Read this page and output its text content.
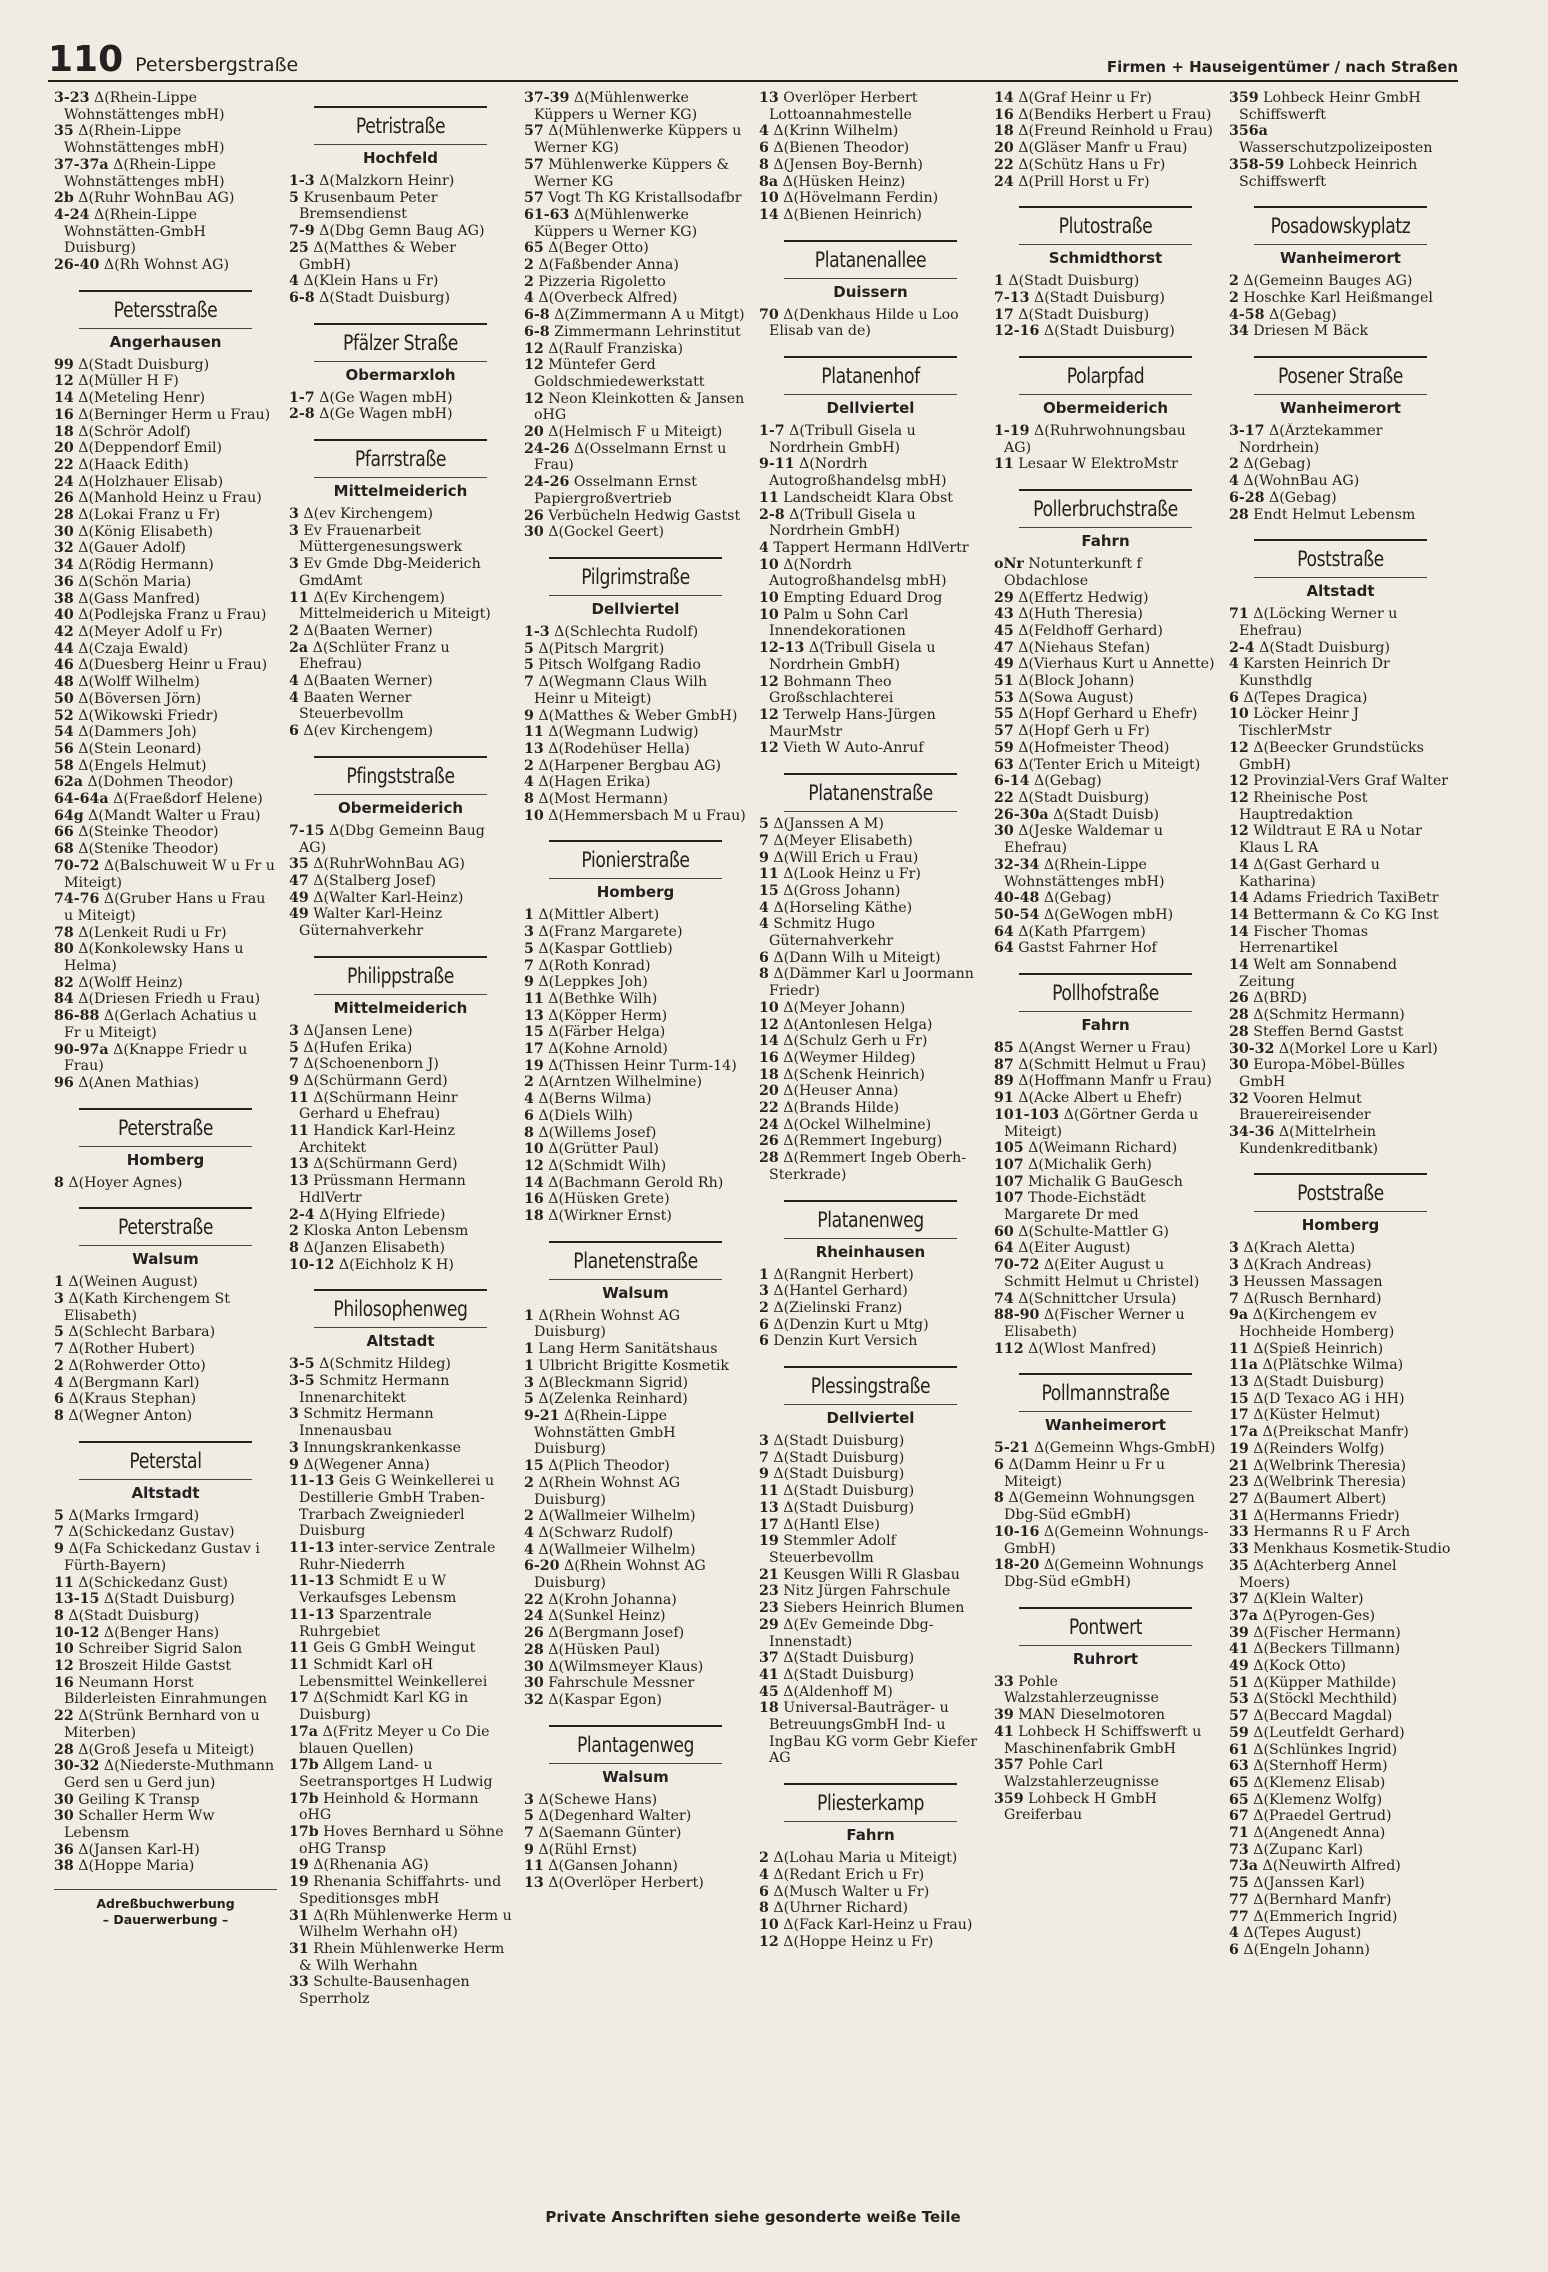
110 Petersbergstraße	Firmen + Hauseigentümer / nach Straßen

3-23 Δ(Rhein-Lippe Wohnstättenges mbH)

35 Δ(Rhein-Lippe Wohnstättenges mbH)

37-37a Δ(Rhein-Lippe Wohnstättenges mbH)

2b Δ(Ruhr WohnBau AG)

4-24 Δ(Rhein-Lippe Wohnstätten-GmbH Duisburg)

26-40 Δ(Rh Wohnst AG)

Petersstraße
Angerhausen

99 Δ(Stadt Duisburg)

12 Δ(Müller H F)

14 Δ(Meteling Henr)

16 Δ(Berninger Herm u Frau)

18 Δ(Schrör Adolf)

20 Δ(Deppendorf Emil)

22 Δ(Haack Edith)

24 Δ(Holzhauer Elisab)

26 Δ(Manhold Heinz u Frau)

28 Δ(Lokai Franz u Fr)

30 Δ(König Elisabeth)

32 Δ(Gauer Adolf)

34 Δ(Rödig Hermann)

36 Δ(Schön Maria)

38 Δ(Gass Manfred)

40 Δ(Podlejska Franz u Frau)

42 Δ(Meyer Adolf u Fr)

44 Δ(Czaja Ewald)

46 Δ(Duesberg Heinr u Frau)

48 Δ(Wolff Wilhelm)

50 Δ(Böversen Jörn)

52 Δ(Wikowski Friedr)

54 Δ(Dammers Joh)

56 Δ(Stein Leonard)

58 Δ(Engels Helmut)

62a Δ(Dohmen Theodor)

64-64a Δ(Fraeßdorf Helene)

64g Δ(Mandt Walter u Frau)

66 Δ(Steinke Theodor)

68 Δ(Stenike Theodor)

70-72 Δ(Balschuweit W u Fr u Miteigt)

74-76 Δ(Gruber Hans u Frau u Miteigt)

78 Δ(Lenkeit Rudi u Fr)

80 Δ(Konkolewsky Hans u Helma)

82 Δ(Wolff Heinz)

84 Δ(Driesen Friedh u Frau)

86-88 Δ(Gerlach Achatius u Fr u Miteigt)

90-97a Δ(Knappe Friedr u Frau)

96 Δ(Anen Mathias)

Peterstraße
Homberg

8 Δ(Hoyer Agnes)

Peterstraße
Walsum

1 Δ(Weinen August)

3 Δ(Kath Kirchengem St Elisabeth)

5 Δ(Schlecht Barbara)

7 Δ(Rother Hubert)

2 Δ(Rohwerder Otto)

4 Δ(Bergmann Karl)

6 Δ(Kraus Stephan)

8 Δ(Wegner Anton)

Peterstal
Altstadt

5 Δ(Marks Irmgard)

7 Δ(Schickedanz Gustav)

9 Δ(Fa Schickedanz Gustav i Fürth-Bayern)

11 Δ(Schickedanz Gust)

13-15 Δ(Stadt Duisburg)

8 Δ(Stadt Duisburg)

10-12 Δ(Benger Hans)

10 Schreiber Sigrid Salon

12 Broszeit Hilde Gastst

16 Neumann Horst Bilderleisten Einrahmungen

22 Δ(Strünk Bernhard von u Miterben)

28 Δ(Groß Jesefa u Miteigt)

30-32 Δ(Niederste-Muthmann Gerd sen u Gerd jun)

30 Geiling K Transp

30 Schaller Herm Ww Lebensm

36 Δ(Jansen Karl-H)

38 Δ(Hoppe Maria)

Adreßbuchwerbung
– Dauerwerbung –
Petristraße
Hochfeld

1-3 Δ(Malzkorn Heinr)

5 Krusenbaum Peter Bremsendienst

7-9 Δ(Dbg Gemn Baug AG)

25 Δ(Matthes & Weber GmbH)

4 Δ(Klein Hans u Fr)

6-8 Δ(Stadt Duisburg)

Pfälzer Straße
Obermarxloh

1-7 Δ(Ge Wagen mbH)

2-8 Δ(Ge Wagen mbH)

Pfarrstraße
Mittelmeiderich

3 Δ(ev Kirchengem)

3 Ev Frauenarbeit Müttergenesungswerk

3 Ev Gmde Dbg-Meiderich GmdAmt

11 Δ(Ev Kirchengem) Mittelmeiderich u Miteigt)

2 Δ(Baaten Werner)

2a Δ(Schlüter Franz u Ehefrau)

4 Δ(Baaten Werner)

4 Baaten Werner Steuerbevollm

6 Δ(ev Kirchengem)

Pfingststraße
Obermeiderich

7-15 Δ(Dbg Gemeinn Baug AG)

35 Δ(RuhrWohnBau AG)

47 Δ(Stalberg Josef)

49 Δ(Walter Karl-Heinz)

49 Walter Karl-Heinz Güternahverkehr

Philippstraße
Mittelmeiderich

3 Δ(Jansen Lene)

5 Δ(Hufen Erika)

7 Δ(Schoenenborn J)

9 Δ(Schürmann Gerd)

11 Δ(Schürmann Heinr Gerhard u Ehefrau)

11 Handick Karl-Heinz Architekt

13 Δ(Schürmann Gerd)

13 Prüssmann Hermann HdlVertr

2-4 Δ(Hying Elfriede)

2 Kloska Anton Lebensm

8 Δ(Janzen Elisabeth)

10-12 Δ(Eichholz K H)

Philosophenweg
Altstadt

3-5 Δ(Schmitz Hildeg)

3-5 Schmitz Hermann Innenarchitekt

3 Schmitz Hermann Innenausbau

3 Innungskrankenkasse

9 Δ(Wegener Anna)

11-13 Geis G Weinkellerei u Destillerie GmbH Traben-Trarbach Zweigniederl Duisburg

11-13 inter-service Zentrale Ruhr-Niederrh

11-13 Schmidt E u W Verkaufsges Lebensm

11-13 Sparzentrale Ruhrgebiet

11 Geis G GmbH Weingut

11 Schmidt Karl oH Lebensmittel Weinkellerei

17 Δ(Schmidt Karl KG in Duisburg)

17a Δ(Fritz Meyer u Co Die blauen Quellen)

17b Allgem Land- u Seetransportges H Ludwig

17b Heinhold & Hormann oHG

17b Hoves Bernhard u Söhne oHG Transp

19 Δ(Rhenania AG)

19 Rhenania Schiffahrts- und Speditionsges mbH

31 Δ(Rh Mühlenwerke Herm u Wilhelm Werhahn oH)

31 Rhein Mühlenwerke Herm & Wilh Werhahn

33 Schulte-Bausenhagen Sperrholz

37-39 Δ(Mühlenwerke Küppers u Werner KG)

57 Δ(Mühlenwerke Küppers u Werner KG)

57 Mühlenwerke Küppers & Werner KG

57 Vogt Th KG Kristallsodafbr

61-63 Δ(Mühlenwerke Küppers u Werner KG)

65 Δ(Beger Otto)

2 Δ(Faßbender Anna)

2 Pizzeria Rigoletto

4 Δ(Overbeck Alfred)

6-8 Δ(Zimmermann A u Mitgt)

6-8 Zimmermann Lehrinstitut

12 Δ(Raulf Franziska)

12 Müntefer Gerd Goldschmiedewerkstatt

12 Neon Kleinkotten & Jansen oHG

20 Δ(Helmisch F u Miteigt)

24-26 Δ(Osselmann Ernst u Frau)

24-26 Osselmann Ernst Papiergroßvertrieb

26 Verbücheln Hedwig Gastst

30 Δ(Gockel Geert)

Pilgrimstraße
Dellviertel

1-3 Δ(Schlechta Rudolf)

5 Δ(Pitsch Margrit)

5 Pitsch Wolfgang Radio

7 Δ(Wegmann Claus Wilh Heinr u Miteigt)

9 Δ(Matthes & Weber GmbH)

11 Δ(Wegmann Ludwig)

13 Δ(Rodehüser Hella)

2 Δ(Harpener Bergbau AG)

4 Δ(Hagen Erika)

8 Δ(Most Hermann)

10 Δ(Hemmersbach M u Frau)

Pionierstraße
Homberg

1 Δ(Mittler Albert)

3 Δ(Franz Margarete)

5 Δ(Kaspar Gottlieb)

7 Δ(Roth Konrad)

9 Δ(Leppkes Joh)

11 Δ(Bethke Wilh)

13 Δ(Köpper Herm)

15 Δ(Färber Helga)

17 Δ(Kohne Arnold)

19 Δ(Thissen Heinr Turm-14)

2 Δ(Arntzen Wilhelmine)

4 Δ(Berns Wilma)

6 Δ(Diels Wilh)

8 Δ(Willems Josef)

10 Δ(Grütter Paul)

12 Δ(Schmidt Wilh)

14 Δ(Bachmann Gerold Rh)

16 Δ(Hüsken Grete)

18 Δ(Wirkner Ernst)

Planetenstraße
Walsum

1 Δ(Rhein Wohnst AG Duisburg)

1 Lang Herm Sanitätshaus

1 Ulbricht Brigitte Kosmetik

3 Δ(Bleckmann Sigrid)

5 Δ(Zelenka Reinhard)

9-21 Δ(Rhein-Lippe Wohnstätten GmbH Duisburg)

15 Δ(Plich Theodor)

2 Δ(Rhein Wohnst AG Duisburg)

2 Δ(Wallmeier Wilhelm)

4 Δ(Schwarz Rudolf)

4 Δ(Wallmeier Wilhelm)

6-20 Δ(Rhein Wohnst AG Duisburg)

22 Δ(Krohn Johanna)

24 Δ(Sunkel Heinz)

26 Δ(Bergmann Josef)

28 Δ(Hüsken Paul)

30 Δ(Wilmsmeyer Klaus)

30 Fahrschule Messner

32 Δ(Kaspar Egon)

Plantagenweg
Walsum

3 Δ(Schewe Hans)

5 Δ(Degenhard Walter)

7 Δ(Saemann Günter)

9 Δ(Rühl Ernst)

11 Δ(Gansen Johann)

13 Δ(Overlöper Herbert)

13 Overlöper Herbert Lottoannahmestelle

4 Δ(Krinn Wilhelm)

6 Δ(Bienen Theodor)

8 Δ(Jensen Boy-Bernh)

8a Δ(Hüsken Heinz)

10 Δ(Hövelmann Ferdin)

14 Δ(Bienen Heinrich)

Platanenallee
Duissern

70 Δ(Denkhaus Hilde u Loo Elisab van de)

Platanenhof
Dellviertel

1-7 Δ(Tribull Gisela u Nordrhein GmbH)

9-11 Δ(Nordrh Autogroßhandelsg mbH)

11 Landscheidt Klara Obst

2-8 Δ(Tribull Gisela u Nordrhein GmbH)

4 Tappert Hermann HdlVertr

10 Δ(Nordrh Autogroßhandelsg mbH)

10 Empting Eduard Drog

10 Palm u Sohn Carl Innendekorationen

12-13 Δ(Tribull Gisela u Nordrhein GmbH)

12 Bohmann Theo Großschlachterei

12 Terwelp Hans-Jürgen MaurMstr

12 Vieth W Auto-Anruf

Platanenstraße

5 Δ(Janssen A M)

7 Δ(Meyer Elisabeth)

9 Δ(Will Erich u Frau)

11 Δ(Look Heinz u Fr)

15 Δ(Gross Johann)

4 Δ(Horseling Käthe)

4 Schmitz Hugo Güternahverkehr

6 Δ(Dann Wilh u Miteigt)

8 Δ(Dämmer Karl u Joormann Friedr)

10 Δ(Meyer Johann)

12 Δ(Antonlesen Helga)

14 Δ(Schulz Gerh u Fr)

16 Δ(Weymer Hildeg)

18 Δ(Schenk Heinrich)

20 Δ(Heuser Anna)

22 Δ(Brands Hilde)

24 Δ(Ockel Wilhelmine)

26 Δ(Remmert Ingeburg)

28 Δ(Remmert Ingeb Oberh-Sterkrade)

Platanenweg
Rheinhausen

1 Δ(Rangnit Herbert)

3 Δ(Hantel Gerhard)

2 Δ(Zielinski Franz)

6 Δ(Denzin Kurt u Mtg)

6 Denzin Kurt Versich

Plessingstraße
Dellviertel

3 Δ(Stadt Duisburg)

7 Δ(Stadt Duisburg)

9 Δ(Stadt Duisburg)

11 Δ(Stadt Duisburg)

13 Δ(Stadt Duisburg)

17 Δ(Hantl Else)

19 Stemmler Adolf Steuerbevollm

21 Keusgen Willi R Glasbau

23 Nitz Jürgen Fahrschule

23 Siebers Heinrich Blumen

29 Δ(Ev Gemeinde Dbg-Innenstadt)

37 Δ(Stadt Duisburg)

41 Δ(Stadt Duisburg)

45 Δ(Aldenhoff M)

18 Universal-Bauträger- u BetreuungsGmbH Ind- u IngBau KG vorm Gebr Kiefer AG

Pliesterkamp
Fahrn

2 Δ(Lohau Maria u Miteigt)

4 Δ(Redant Erich u Fr)

6 Δ(Musch Walter u Fr)

8 Δ(Uhrner Richard)

10 Δ(Fack Karl-Heinz u Frau)

12 Δ(Hoppe Heinz u Fr)

14 Δ(Graf Heinr u Fr)

16 Δ(Bendiks Herbert u Frau)

18 Δ(Freund Reinhold u Frau)

20 Δ(Gläser Manfr u Frau)

22 Δ(Schütz Hans u Fr)

24 Δ(Prill Horst u Fr)

Plutostraße
Schmidthorst

1 Δ(Stadt Duisburg)

7-13 Δ(Stadt Duisburg)

17 Δ(Stadt Duisburg)

12-16 Δ(Stadt Duisburg)

Polarpfad
Obermeiderich

1-19 Δ(Ruhrwohnungsbau AG)

11 Lesaar W ElektroMstr

Pollerbruchstraße
Fahrn

oNr Notunterkunft f Obdachlose

29 Δ(Effertz Hedwig)

43 Δ(Huth Theresia)

45 Δ(Feldhoff Gerhard)

47 Δ(Niehaus Stefan)

49 Δ(Vierhaus Kurt u Annette)

51 Δ(Block Johann)

53 Δ(Sowa August)

55 Δ(Hopf Gerhard u Ehefr)

57 Δ(Hopf Gerh u Fr)

59 Δ(Hofmeister Theod)

63 Δ(Tenter Erich u Miteigt)

6-14 Δ(Gebag)

22 Δ(Stadt Duisburg)

26-30a Δ(Stadt Duisb)

30 Δ(Jeske Waldemar u Ehefrau)

32-34 Δ(Rhein-Lippe Wohnstättenges mbH)

40-48 Δ(Gebag)

50-54 Δ(GeWogen mbH)

64 Δ(Kath Pfarrgem)

64 Gastst Fahrner Hof

Pollhofstraße
Fahrn

85 Δ(Angst Werner u Frau)

87 Δ(Schmitt Helmut u Frau)

89 Δ(Hoffmann Manfr u Frau)

91 Δ(Acke Albert u Ehefr)

101-103 Δ(Görtner Gerda u Miteigt)

105 Δ(Weimann Richard)

107 Δ(Michalik Gerh)

107 Michalik G BauGesch

107 Thode-Eichstädt Margarete Dr med

60 Δ(Schulte-Mattler G)

64 Δ(Eiter August)

70-72 Δ(Eiter August u Schmitt Helmut u Christel)

74 Δ(Schnittcher Ursula)

88-90 Δ(Fischer Werner u Elisabeth)

112 Δ(Wlost Manfred)

Pollmannstraße
Wanheimerort

5-21 Δ(Gemeinn Whgs-GmbH)

6 Δ(Damm Heinr u Fr u Miteigt)

8 Δ(Gemeinn Wohnungsgen Dbg-Süd eGmbH)

10-16 Δ(Gemeinn Wohnungs-GmbH)

18-20 Δ(Gemeinn Wohnungs Dbg-Süd eGmbH)

Pontwert
Ruhrort

33 Pohle Walzstahlerzeugnisse

39 MAN Dieselmotoren

41 Lohbeck H Schiffswerft u Maschinenfabrik GmbH

357 Pohle Carl Walzstahlerzeugnisse

359 Lohbeck H GmbH Greiferbau

359 Lohbeck Heinr GmbH Schiffswerft

356a Wasserschutzpolizeiposten

358-59 Lohbeck Heinrich Schiffswerft

Posadowskyplatz
Wanheimerort

2 Δ(Gemeinn Bauges AG)

2 Hoschke Karl Heißmangel

4-58 Δ(Gebag)

34 Driesen M Bäck

Posener Straße
Wanheimerort

3-17 Δ(Ärztekammer Nordrhein)

2 Δ(Gebag)

4 Δ(WohnBau AG)

6-28 Δ(Gebag)

28 Endt Helmut Lebensm

Poststraße
Altstadt

71 Δ(Löcking Werner u Ehefrau)

2-4 Δ(Stadt Duisburg)

4 Karsten Heinrich Dr Kunsthdlg

6 Δ(Tepes Dragica)

10 Löcker Heinr J TischlerMstr

12 Δ(Beecker Grundstücks GmbH)

12 Provinzial-Vers Graf Walter

12 Rheinische Post Hauptredaktion

12 Wildtraut E RA u Notar Klaus L RA

14 Δ(Gast Gerhard u Katharina)

14 Adams Friedrich TaxiBetr

14 Bettermann & Co KG Inst

14 Fischer Thomas Herrenartikel

14 Welt am Sonnabend Zeitung

26 Δ(BRD)

28 Δ(Schmitz Hermann)

28 Steffen Bernd Gastst

30-32 Δ(Morkel Lore u Karl)

30 Europa-Möbel-Bülles GmbH

32 Vooren Helmut Brauereireisender

34-36 Δ(Mittelrhein Kundenkreditbank)

Poststraße
Homberg

3 Δ(Krach Aletta)

3 Δ(Krach Andreas)

3 Heussen Massagen

7 Δ(Rusch Bernhard)

9a Δ(Kirchengem ev Hochheide Homberg)

11 Δ(Spieß Heinrich)

11a Δ(Plätschke Wilma)

13 Δ(Stadt Duisburg)

15 Δ(D Texaco AG i HH)

17 Δ(Küster Helmut)

17a Δ(Preikschat Manfr)

19 Δ(Reinders Wolfg)

21 Δ(Welbrink Theresia)

23 Δ(Welbrink Theresia)

27 Δ(Baumert Albert)

31 Δ(Hermanns Friedr)

33 Hermanns R u F Arch

33 Menkhaus Kosmetik-Studio

35 Δ(Achterberg Annel Moers)

37 Δ(Klein Walter)

37a Δ(Pyrogen-Ges)

39 Δ(Fischer Hermann)

41 Δ(Beckers Tillmann)

49 Δ(Kock Otto)

51 Δ(Küpper Mathilde)

53 Δ(Stöckl Mechthild)

57 Δ(Beccard Magdal)

59 Δ(Leutfeldt Gerhard)

61 Δ(Schlünkes Ingrid)

63 Δ(Sternhoff Herm)

65 Δ(Klemenz Elisab)

65 Δ(Klemenz Wolfg)

67 Δ(Praedel Gertrud)

71 Δ(Angenedt Anna)

73 Δ(Zupanc Karl)

73a Δ(Neuwirth Alfred)

75 Δ(Janssen Karl)

77 Δ(Bernhard Manfr)

77 Δ(Emmerich Ingrid)

4 Δ(Tepes August)

6 Δ(Engeln Johann)

Private Anschriften siehe gesonderte weiße Teile
